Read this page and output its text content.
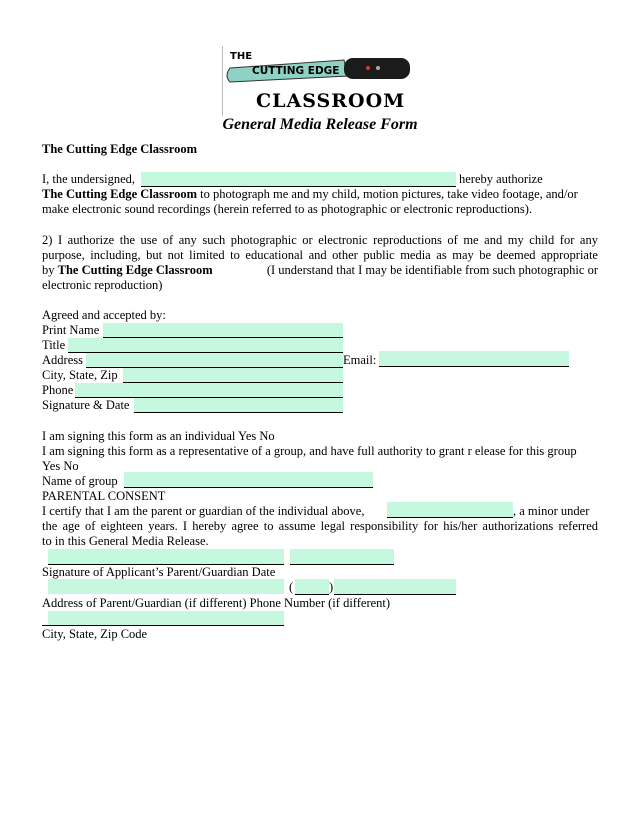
THE
CUTTING EDGE
CLASSROOM
General Media Release Form
The Cutting Edge Classroom
I, the undersigned,	hereby authorize
The Cutting Edge Classroom to photograph me and my child, motion pictures, take video footage, and/or
make electronic sound recordings (herein referred to as photographic or electronic reproductions).
2) I authorize the use of any such photographic or electronic reproductions of me and my child for any
purpose, including, but not limited to educational and other public media as may be deemed appropriate
by The Cutting Edge Classroom	(I understand that I may be identifiable from such photographic or
electronic reproduction)
Agreed and accepted by:
Print Name
Title
Address	Email:
City, State, Zip
Phone
Signature & Date
I am signing this form as an individual Yes No
I am signing this form as a representative of a group, and have full authority to grant r elease for this group
Yes No
Name of group
PARENTAL CONSENT
I certify that I am the parent or guardian of the individual above,	, a minor under
the age of eighteen years. I hereby agree to assume legal responsibility for his/her authorizations referred
to in this General Media Release.
Signature of Applicant’s Parent/Guardian Date
(	)
Address of Parent/Guardian (if different) Phone Number (if different)
City, State, Zip Code
